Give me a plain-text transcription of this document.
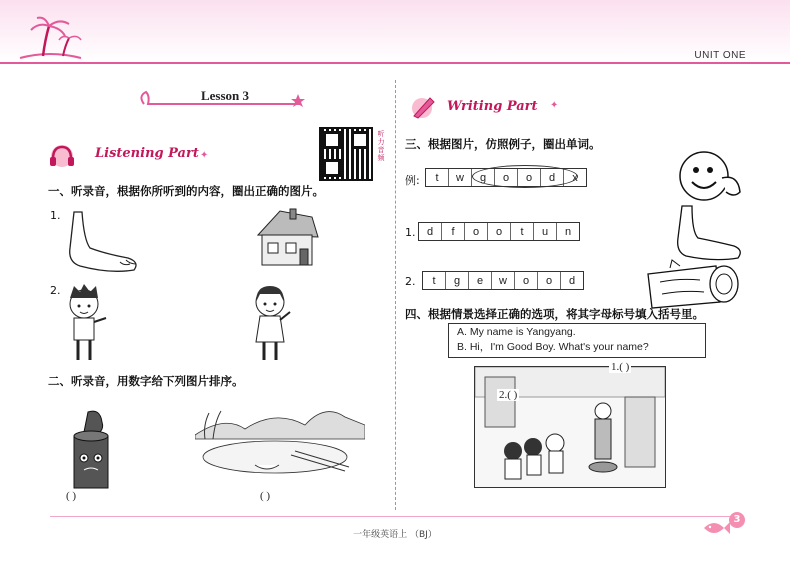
UNIT ONE
Lesson 3
听力音频
Listening Part ✦
一、听录音，根据你所听到的内容，圈出正确的图片。
1.
2.
二、听录音，用数字给下列图片排序。
( )	( )
Writing Part ✦
三、根据图片，仿照例子，圈出单词。
例:	t	w	g	o	o	d	x
1.	d	f	o	o	t	u	n
2.	t	g	e	w	o	o	d
四、根据情景选择正确的选项，将其字母标号填入括号里。
A. My name is Yangyang.
B. Hi，I'm Good Boy. What's your name?
1.( )
2.( )
一年级英语上 （BJ）
3
